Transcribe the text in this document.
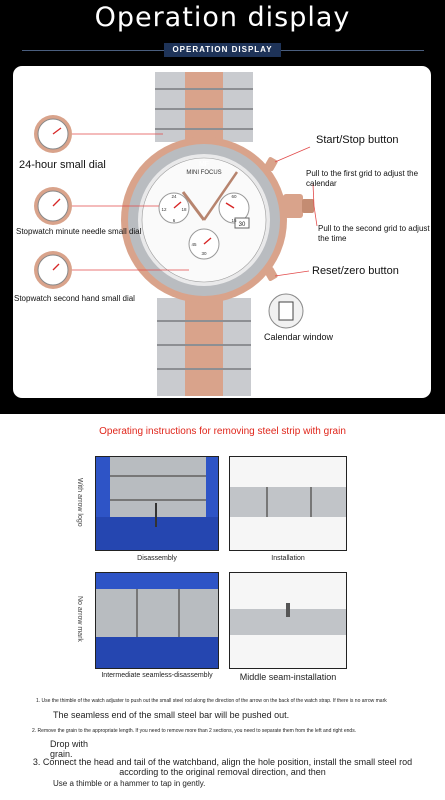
Operation display
OPERATION DISPLAY
MINI FOCUS
MF
30
24
6
12	18
60
15
30
45
Start/Stop button
Pull to the first grid to adjust the calendar
Pull to the second grid to adjust the time
Reset/zero button
Calendar window
24-hour small dial
Stopwatch minute needle small dial
Stopwatch second hand small dial
Operating instructions for removing steel strip with grain
With arrow logo
No arrow mark
Disassembly	Installation
Intermediate seamless-disassembly	Middle seam-installation
1. Use the thimble of the watch adjuster to push out the small steel rod along the direction of the arrow on the back of the watch strap. If there is no arrow mark
The seamless end of the small steel bar will be pushed out.
2. Remove the grain to the appropriate length. If you need to remove more than 2 sections, you need to separate them from the left and right ends.
Drop with grain.
3. Connect the head and tail of the watchband, align the hole position, install the small steel rod according to the original removal direction, and then
Use a thimble or a hammer to tap in gently.
